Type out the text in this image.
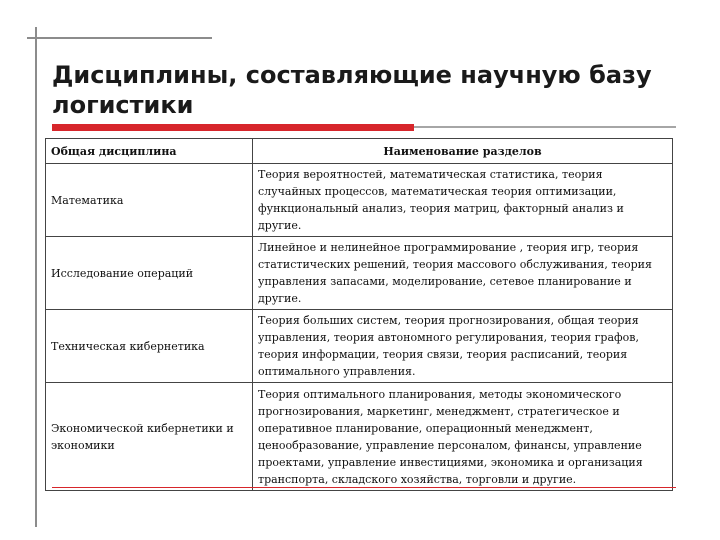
Дисциплины, составляющие научную базу логистики
Общая дисциплина	Наименование разделов
Математика	Теория вероятностей, математическая статистика, теория случайных процессов, математическая теория оптимизации, функциональный анализ, теория матриц, факторный анализ и другие.
Исследование операций	Линейное и нелинейное программирование , теория игр, теория статистических решений, теория массового обслуживания, теория управления запасами, моделирование, сетевое планирование и другие.
Техническая кибернетика	Теория больших систем, теория прогнозирования, общая теория управления, теория автономного регулирования, теория графов, теория информации, теория связи, теория расписаний, теория оптимального управления.
Экономической кибернетики и экономики	Теория оптимального планирования, методы экономического прогнозирования, маркетинг, менеджмент, стратегическое и оперативное планирование, операционный менеджмент, ценообразование, управление персоналом, финансы, управление проектами, управление инвестициями, экономика и организация транспорта, складского хозяйства, торговли и другие.
